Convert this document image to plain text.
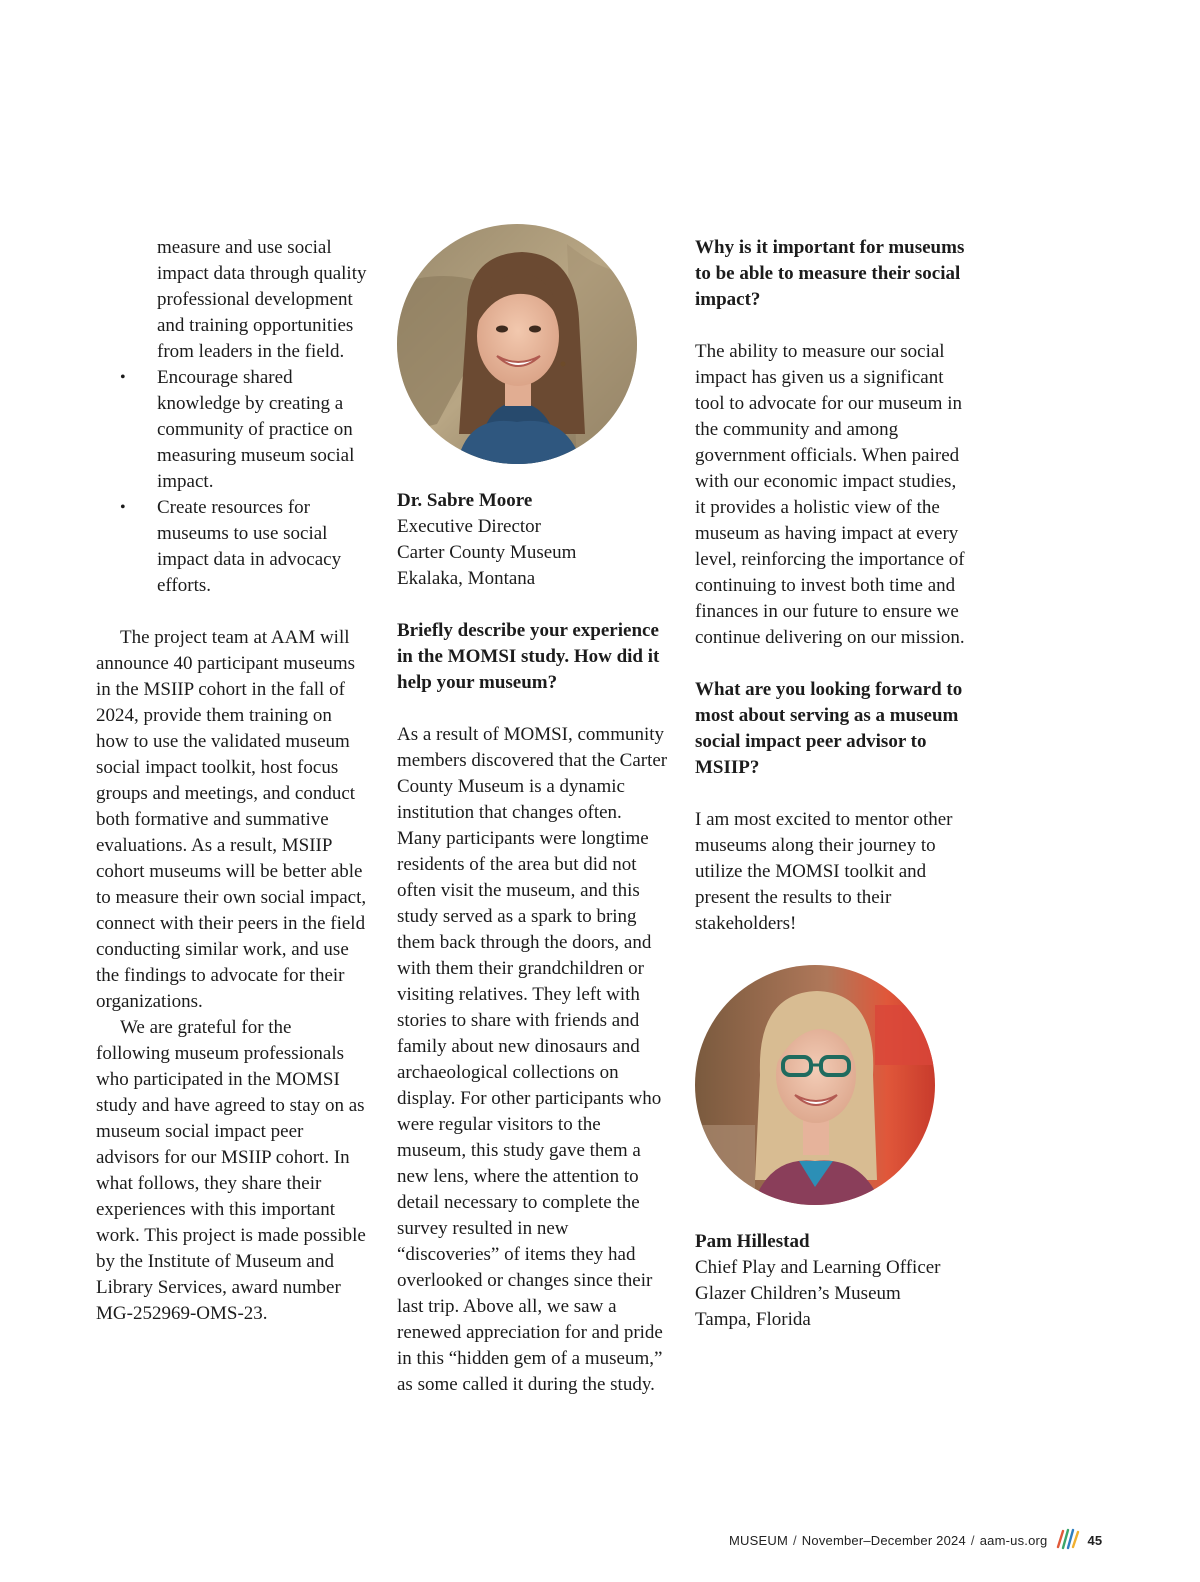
measure and use social impact data through quality professional development and training opportunities from leaders in the field.
• Encourage shared knowledge by creating a community of practice on measuring museum social impact.
• Create resources for museums to use social impact data in advocacy efforts.

The project team at AAM will announce 40 participant museums in the MSIIP cohort in the fall of 2024, provide them training on how to use the validated museum social impact toolkit, host focus groups and meetings, and conduct both formative and summative evaluations. As a result, MSIIP cohort museums will be better able to measure their own social impact, connect with their peers in the field conducting similar work, and use the findings to advocate for their organizations.

We are grateful for the following museum professionals who participated in the MOMSI study and have agreed to stay on as museum social impact peer advisors for our MSIIP cohort. In what follows, they share their experiences with this important work. This project is made possible by the Institute of Museum and Library Services, award number MG-252969-OMS-23.

Dr. Sabre Moore

Executive Director

Carter County Museum

Ekalaka, Montana

Briefly describe your experience in the MOMSI study. How did it help your museum?

As a result of MOMSI, community members discovered that the Carter County Museum is a dynamic institution that changes often. Many participants were longtime residents of the area but did not often visit the museum, and this study served as a spark to bring them back through the doors, and with them their grandchildren or visiting relatives. They left with stories to share with friends and family about new dinosaurs and archaeological collections on display. For other participants who were regular visitors to the museum, this study gave them a new lens, where the attention to detail necessary to complete the survey resulted in new “discoveries” of items they had overlooked or changes since their last trip. Above all, we saw a renewed appreciation for and pride in this “hidden gem of a museum,” as some called it during the study.

Why is it important for museums to be able to measure their social impact?

The ability to measure our social impact has given us a significant tool to advocate for our museum in the community and among government officials. When paired with our economic impact studies, it provides a holistic view of the museum as having impact at every level, reinforcing the importance of continuing to invest both time and finances in our future to ensure we continue delivering on our mission.

What are you looking forward to most about serving as a museum social impact peer advisor to MSIIP?

I am most excited to mentor other museums along their journey to utilize the MOMSI toolkit and present the results to their stakeholders!

Pam Hillestad

Chief Play and Learning Officer

Glazer Children’s Museum

Tampa, Florida

MUSEUM / November–December 2024 / aam-us.org	45
